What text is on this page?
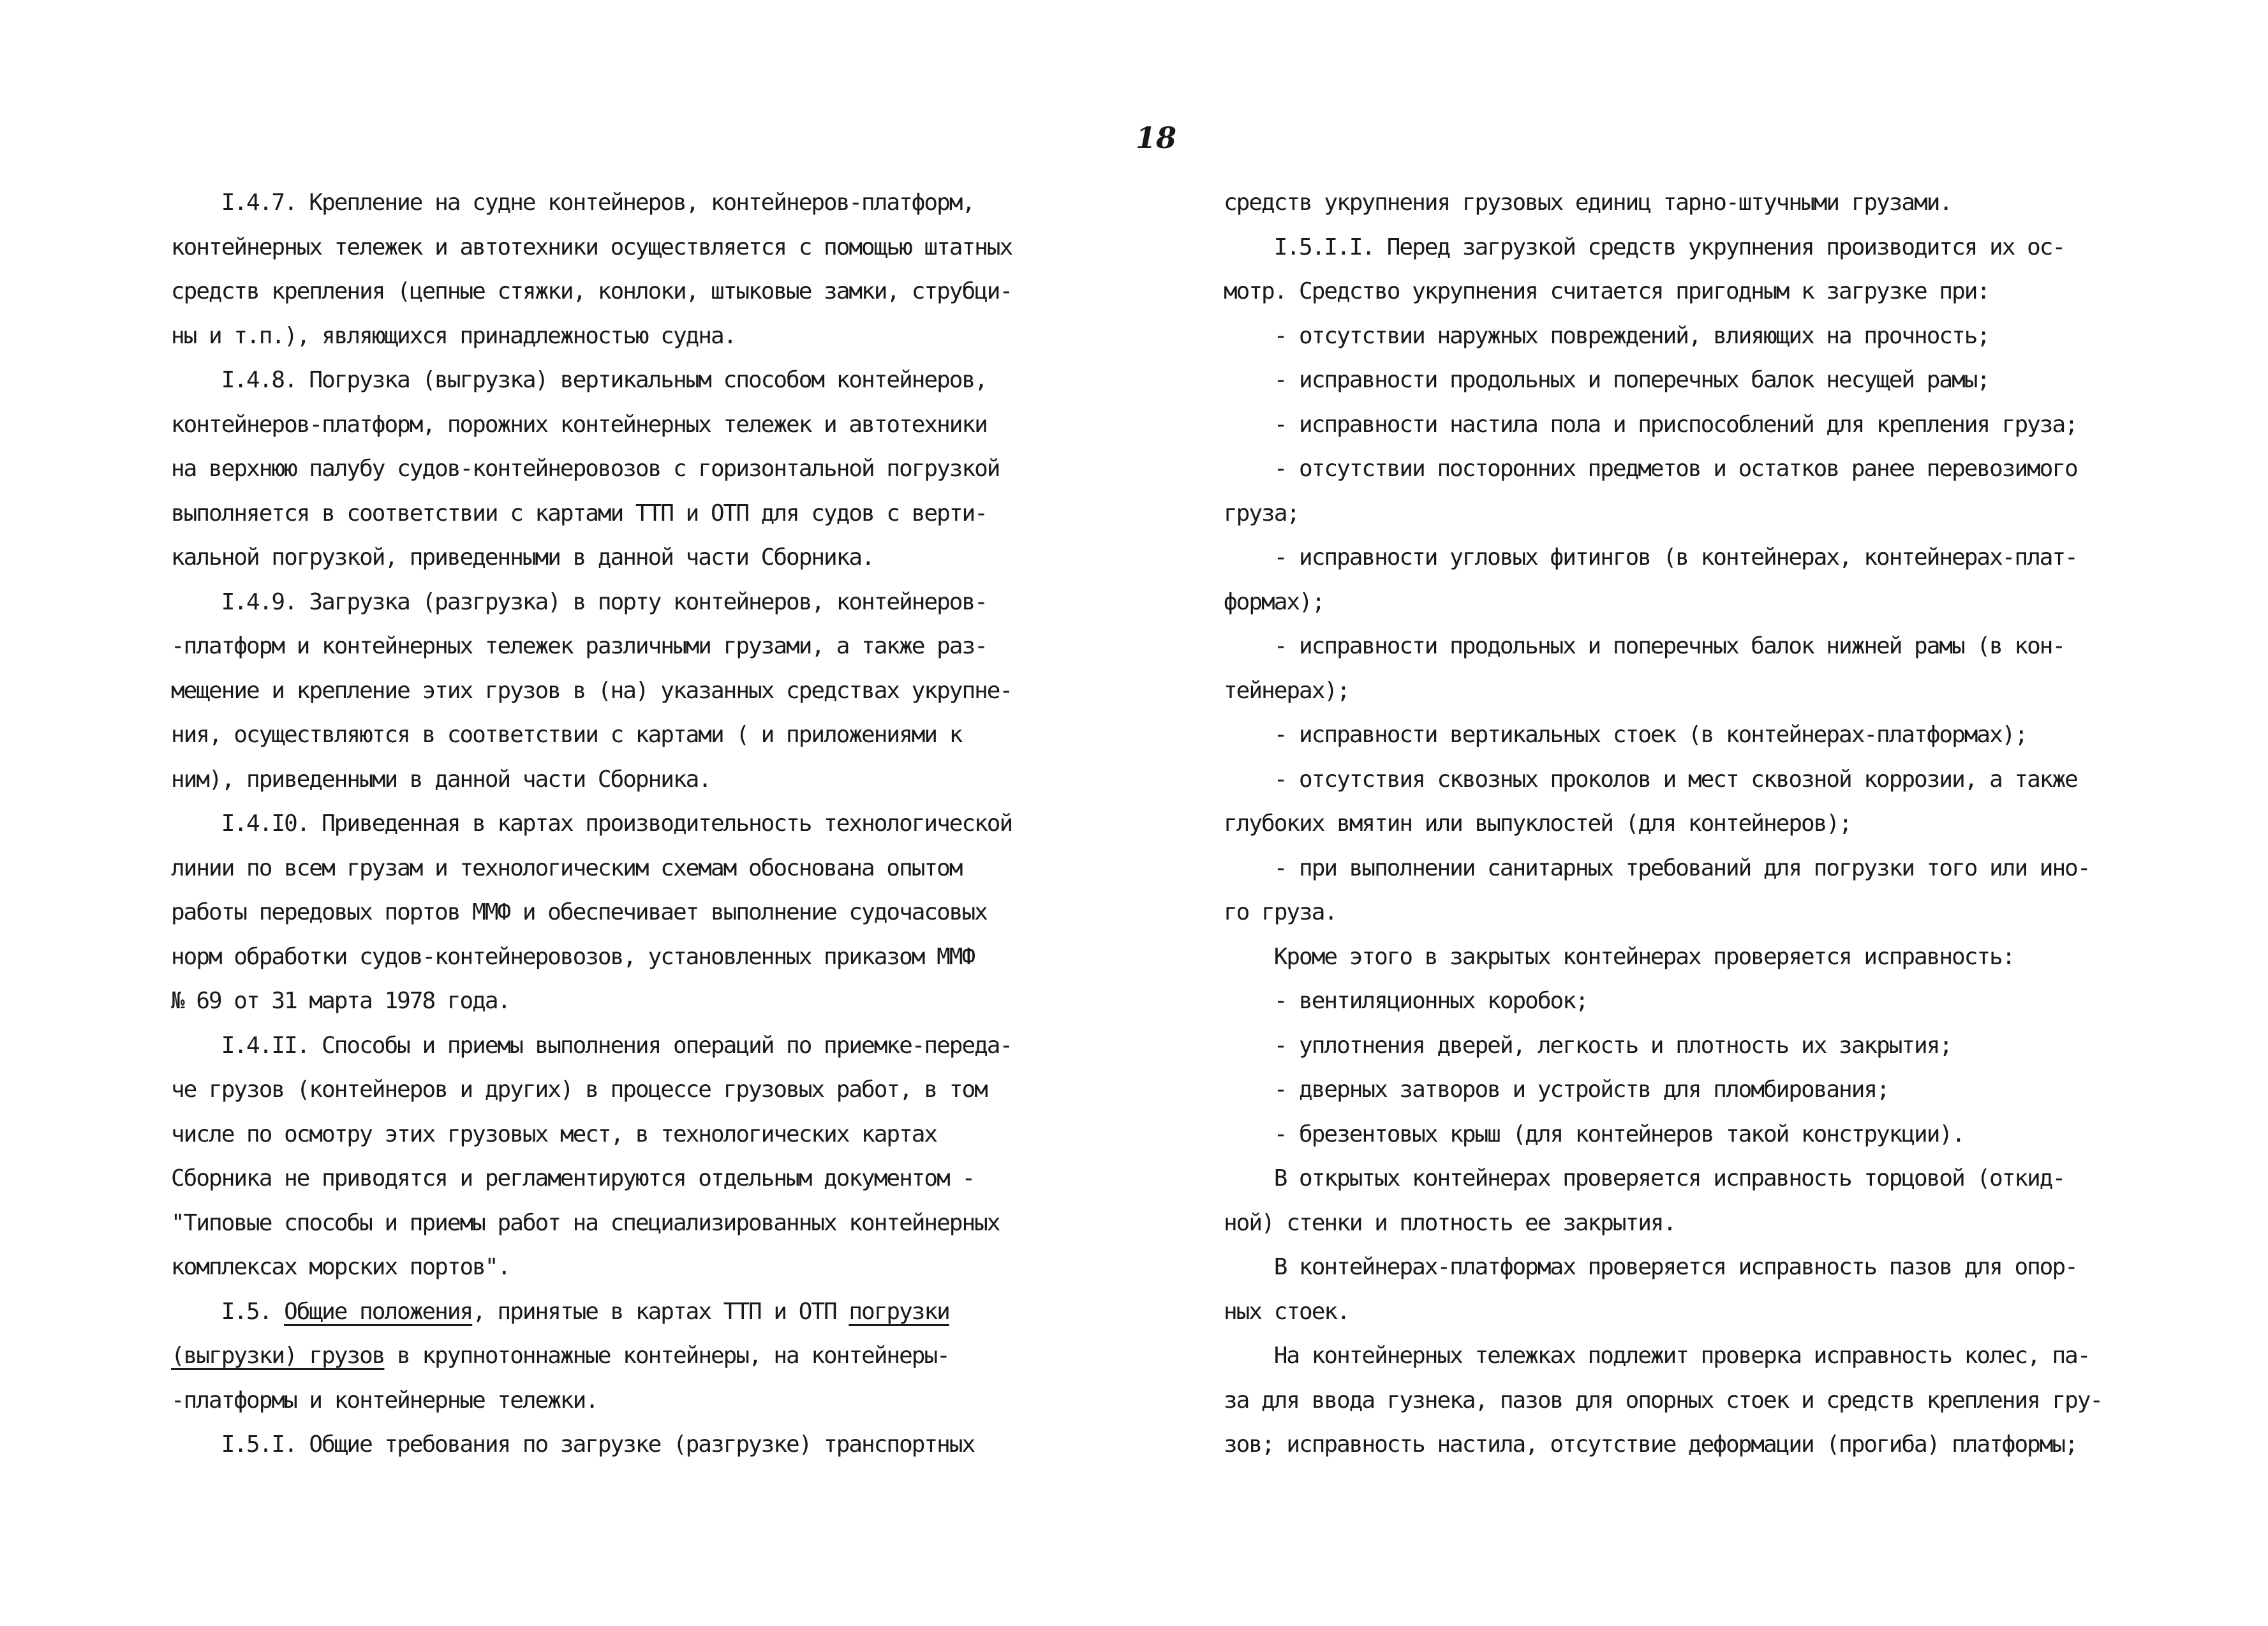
18
I.4.7. Крепление на судне контейнеров, контейнеров-платформ,
контейнерных тележек и автотехники осуществляется с помощью штатных
средств крепления (цепные стяжки, конлоки, штыковые замки, струбци-
ны и т.п.), являющихся принадлежностью судна.
I.4.8. Погрузка (выгрузка) вертикальным способом контейнеров,
контейнеров-платформ, порожних контейнерных тележек и автотехники
на верхнюю палубу судов-контейнеровозов с горизонтальной погрузкой
выполняется в соответствии с картами ТТП и ОТП для судов с верти-
кальной погрузкой, приведенными в данной части Сборника.
I.4.9. Загрузка (разгрузка) в порту контейнеров, контейнеров-
-платформ и контейнерных тележек различными грузами, а также раз-
мещение и крепление этих грузов в (на) указанных средствах укрупне-
ния, осуществляются в соответствии с картами ( и приложениями к
ним), приведенными в данной части Сборника.
I.4.I0. Приведенная в картах производительность технологической
линии по всем грузам и технологическим схемам обоснована опытом
работы передовых портов ММФ и обеспечивает выполнение судочасовых
норм обработки судов-контейнеровозов, установленных приказом ММФ
№ 69 от 31 марта 1978 года.
I.4.II. Способы и приемы выполнения операций по приемке-переда-
че грузов (контейнеров и других) в процессе грузовых работ, в том
числе по осмотру этих грузовых мест, в технологических картах
Сборника не приводятся и регламентируются отдельным документом -
"Типовые способы и приемы работ на специализированных контейнерных
комплексах морских портов".
I.5. Общие положения, принятые в картах ТТП и ОТП погрузки
(выгрузки) грузов в крупнотоннажные контейнеры, на контейнеры-
-платформы и контейнерные тележки.
I.5.I. Общие требования по загрузке (разгрузке) транспортных
средств укрупнения грузовых единиц тарно-штучными грузами.
I.5.I.I. Перед загрузкой средств укрупнения производится их ос-
мотр. Средство укрупнения считается пригодным к загрузке при:
- отсутствии наружных повреждений, влияющих на прочность;
- исправности продольных и поперечных балок несущей рамы;
- исправности настила пола и приспособлений для крепления груза;
- отсутствии посторонних предметов и остатков ранее перевозимого
груза;
- исправности угловых фитингов (в контейнерах, контейнерах-плат-
формах);
- исправности продольных и поперечных балок нижней рамы (в кон-
тейнерах);
- исправности вертикальных стоек (в контейнерах-платформах);
- отсутствия сквозных проколов и мест сквозной коррозии, а также
глубоких вмятин или выпуклостей (для контейнеров);
- при выполнении санитарных требований для погрузки того или ино-
го груза.
Кроме этого в закрытых контейнерах проверяется исправность:
- вентиляционных коробок;
- уплотнения дверей, легкость и плотность их закрытия;
- дверных затворов и устройств для пломбирования;
- брезентовых крыш (для контейнеров такой конструкции).
В открытых контейнерах проверяется исправность торцовой (откид-
ной) стенки и плотность ее закрытия.
В контейнерах-платформах проверяется исправность пазов для опор-
ных стоек.
На контейнерных тележках подлежит проверка исправность колес, па-
за для ввода гузнека, пазов для опорных стоек и средств крепления гру-
зов; исправность настила, отсутствие деформации (прогиба) платформы;
